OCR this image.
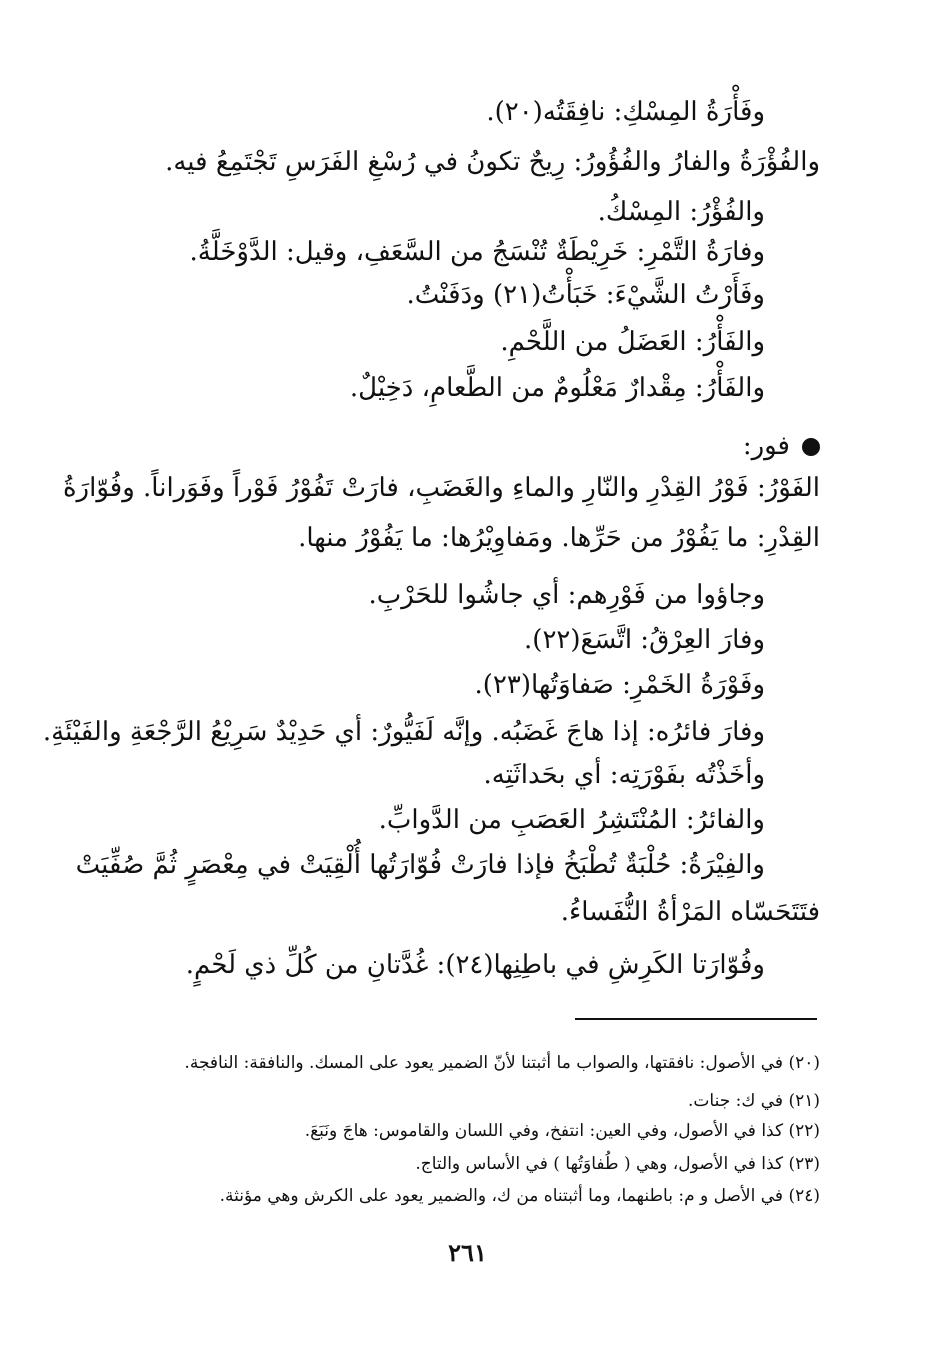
وفَأْرَةُ المِسْكِ: نافِقَتُه(٢٠).
والفُؤْرَةُ والفارُ والفُؤُورُ: رِيحٌ تكونُ في رُسْغِ الفَرَسِ تَجْتَمِعُ فيه.
والفُؤْرُ: المِسْكُ.
وفارَةُ التَّمْرِ: خَرِيْطَةٌ تُنْسَجُ من السَّعَفِ، وقيل: الدَّوْخَلَّةُ.
وفَأَرْتُ الشَّيْءَ: خَبَأْتُ(٢١) ودَفَنْتُ.
والفَأْرُ: العَضَلُ من اللَّحْمِ.
والفَأْرُ: مِقْدارٌ مَعْلُومٌ من الطَّعامِ، دَخِيْلٌ.
فور:
الفَوْرُ: فَوْرُ القِدْرِ والنّارِ والماءِ والغَضَبِ، فارَتْ تَفُوْرُ فَوْراً وفَوَراناً. وفُوّارَةُ
القِدْرِ: ما يَفُوْرُ من حَرِّها. ومَفاوِيْرُها: ما يَفُوْرُ منها.
وجاؤوا من فَوْرِهم: أي جاشُوا للحَرْبِ.
وفارَ العِرْقُ: اتَّسَعَ(٢٢).
وفَوْرَةُ الخَمْرِ: صَفاوَتُها(٢٣).
وفارَ فائرُه: إذا هاجَ غَضَبُه. وإنَّه لَفَيُّورٌ: أي حَدِيْدٌ سَرِيْعُ الرَّجْعَةِ والفَيْئَةِ.
وأخَذْتُه بفَوْرَتِه: أي بحَداثَتِه.
والفائرُ: المُنْتَشِرُ العَصَبِ من الدَّوابِّ.
والفِيْرَةُ: حُلْبَةٌ تُطْبَخُ فإذا فارَتْ فُوّارَتُها أُلْقِيَتْ في مِعْصَرٍ ثُمَّ صُفِّيَتْ
فتَتَحَسّاه المَرْأةُ النُّفَساءُ.
وفُوّارَتا الكَرِشِ في باطِنِها(٢٤): غُدَّتانِ من كُلِّ ذي لَحْمٍ.
(٢٠) في الأصول: نافقتها، والصواب ما أثبتنا لأنّ الضمير يعود على المسك. والنافقة: النافجة.
(٢١) في ك: جنات.
(٢٢) كذا في الأصول، وفي العين: انتفخ، وفي اللسان والقاموس: هاجَ ونَبَعَ.
(٢٣) كذا في الأصول، وهي ( طُفاوَتُها ) في الأساس والتاج.
(٢٤) في الأصل و م: باطنهما، وما أثبتناه من ك، والضمير يعود على الكرش وهي مؤنثة.
٢٦١
